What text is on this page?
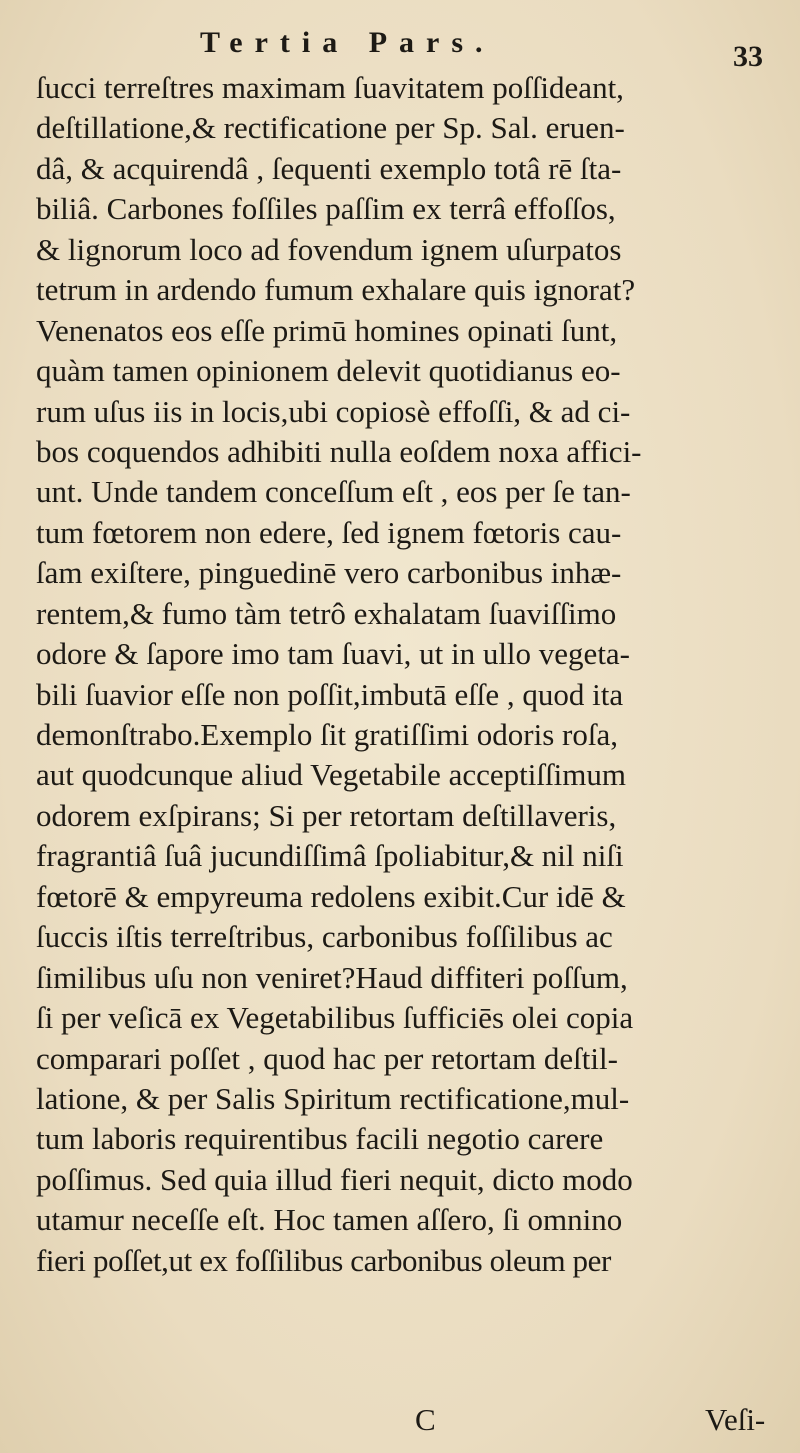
Tertia Pars.	33
ſucci terreſtres maximam ſuavitatem poſſideant,
deſtillatione,& rectificatione per Sp. Sal. eruen-
dâ, & acquirendâ , ſequenti exemplo totâ rē ſta-
biliâ. Carbones foſſiles paſſim ex terrâ effoſſos,
& lignorum loco ad fovendum ignem uſurpatos
tetrum in ardendo fumum exhalare quis ignorat?
Venenatos eos eſſe primū homines opinati ſunt,
quàm tamen opinionem delevit quotidianus eo-
rum uſus iis in locis,ubi copiosè effoſſi, & ad ci-
bos coquendos adhibiti nulla eoſdem noxa affici-
unt. Unde tandem conceſſum eſt , eos per ſe tan-
tum fœtorem non edere, ſed ignem fœtoris cau-
ſam exiſtere, pinguedinē vero carbonibus inhæ-
rentem,& fumo tàm tetrô exhalatam ſuaviſſimo
odore & ſapore imo tam ſuavi, ut in ullo vegeta-
bili ſuavior eſſe non poſſit,imbutā eſſe , quod ita
demonſtrabo.Exemplo ſit gratiſſimi odoris roſa,
aut quodcunque aliud Vegetabile acceptiſſimum
odorem exſpirans; Si per retortam deſtillaveris,
fragrantiâ ſuâ jucundiſſimâ ſpoliabitur,& nil niſi
fœtorē & empyreuma redolens exibit.Cur idē &
ſuccis iſtis terreſtribus, carbonibus foſſilibus ac
ſimilibus uſu non veniret?Haud diffiteri poſſum,
ſi per veſicā ex Vegetabilibus ſufficiēs olei copia
comparari poſſet , quod hac per retortam deſtil-
latione, & per Salis Spiritum rectificatione,mul-
tum laboris requirentibus facili negotio carere
poſſimus. Sed quia illud fieri nequit, dicto modo
utamur neceſſe eſt. Hoc tamen aſſero, ſi omnino
fieri poſſet,ut ex foſſilibus carbonibus oleum per
C	Veſi-
